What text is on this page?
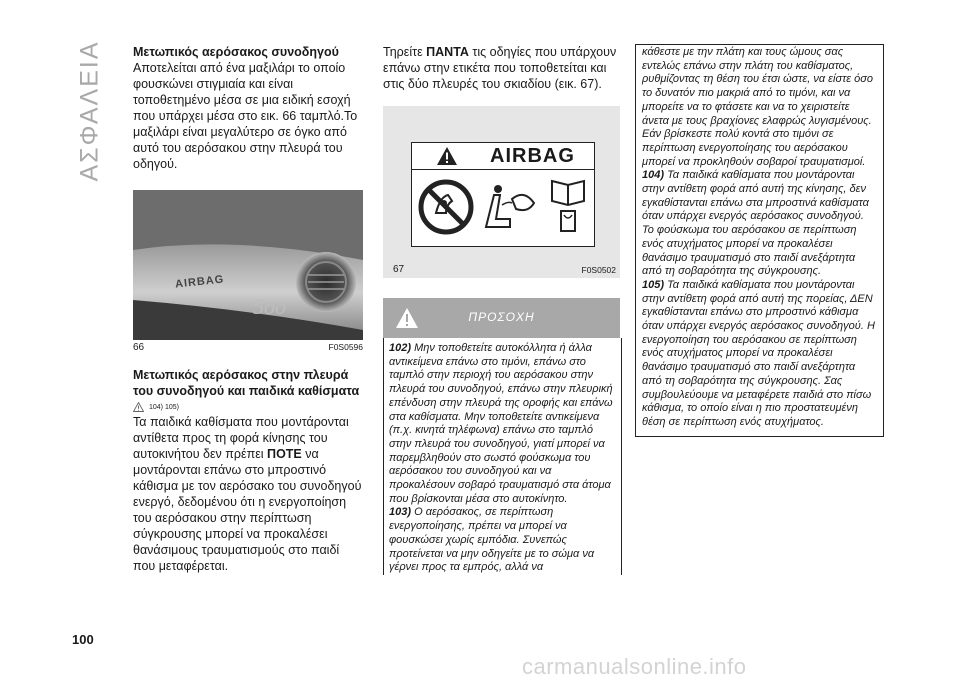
ΑΣΦΑΛΕΙΑ Μετωπικός αερόσακος συνοδηγού

Αποτελείται από ένα μαξιλάρι το οποίο φουσκώνει στιγμιαία και είναι τοποθετημένο μέσα σε μια ειδική εσοχή που υπάρχει μέσα στο εικ. 66 ταμπλό.Το μαξιλάρι είναι μεγαλύτερο σε όγκο από αυτό του αερόσακου στην πλευρά του οδηγού.

5oo
AIRBAG
66	F0S0596

Μετωπικός αερόσακος στην πλευρά του συνοδηγού και παιδικά καθίσματα

104) 105)

Τα παιδικά καθίσματα που μοντάρονται αντίθετα προς τη φορά κίνησης του αυτοκινήτου δεν πρέπει ΠΟΤΕ να μοντάρονται επάνω στο μπροστινό κάθισμα με τον αερόσακο του συνοδηγού ενεργό, δεδομένου ότι η ενεργοποίηση του αερόσακου στην περίπτωση σύγκρουσης μπορεί να προκαλέσει θανάσιμους τραυματισμούς στο παιδί που μεταφέρεται.

Τηρείτε ΠΑΝΤΑ τις οδηγίες που υπάρχουν επάνω στην ετικέτα που τοποθετείται και στις δύο πλευρές του σκιαδίου (εικ. 67).

AIRBAG
67	F0S0502
ΠΡΟΣΟΧΗ

102) Μην τοποθετείτε αυτοκόλλητα ή άλλα αντικείμενα επάνω στο τιμόνι, επάνω στο ταμπλό στην περιοχή του αερόσακου στην πλευρά του συνοδηγού, επάνω στην πλευρική επένδυση στην πλευρά της οροφής και επάνω στα καθίσματα. Μην τοποθετείτε αντικείμενα (π.χ. κινητά τηλέφωνα) επάνω στο ταμπλό στην πλευρά του συνοδηγού, γιατί μπορεί να παρεμβληθούν στο σωστό φούσκωμα του αερόσακου του συνοδηγού και να προκαλέσουν σοβαρό τραυματισμό στα άτομα που βρίσκονται μέσα στο αυτοκίνητο.

103) Ο αερόσακος, σε περίπτωση ενεργοποίησης, πρέπει να μπορεί να φουσκώσει χωρίς εμπόδια. Συνεπώς προτείνεται να μην οδηγείτε με το σώμα να γέρνει προς τα εμπρός, αλλά να

κάθεστε με την πλάτη και τους ώμους σας εντελώς επάνω στην πλάτη του καθίσματος, ρυθμίζοντας τη θέση του έτσι ώστε, να είστε όσο το δυνατόν πιο μακριά από το τιμόνι, και να μπορείτε να το φτάσετε και να το χειριστείτε άνετα με τους βραχίονες ελαφρώς λυγισμένους. Εάν βρίσκεστε πολύ κοντά στο τιμόνι σε περίπτωση ενεργοποίησης του αερόσακου μπορεί να προκληθούν σοβαροί τραυματισμοί.

104) Τα παιδικά καθίσματα που μοντάρονται στην αντίθετη φορά από αυτή της κίνησης, δεν εγκαθίστανται επάνω στα μπροστινά καθίσματα όταν υπάρχει ενεργός αερόσακος συνοδηγού. Το φούσκωμα του αερόσακου σε περίπτωση ενός ατυχήματος μπορεί να προκαλέσει θανάσιμο τραυματισμό στο παιδί ανεξάρτητα από τη σοβαρότητα της σύγκρουσης.

105) Τα παιδικά καθίσματα που μοντάρονται στην αντίθετη φορά από αυτή της πορείας, ΔΕΝ εγκαθίστανται επάνω στο μπροστινό κάθισμα όταν υπάρχει ενεργός αερόσακος συνοδηγού. Η ενεργοποίηση του αερόσακου σε περίπτωση ενός ατυχήματος μπορεί να προκαλέσει θανάσιμο τραυματισμό στο παιδί ανεξάρτητα από τη σοβαρότητα της σύγκρουσης. Σας συμβουλεύουμε να μεταφέρετε παιδιά στο πίσω κάθισμα, το οποίο είναι η πιο προστατευμένη θέση σε περίπτωση ενός ατυχήματος.

100
carmanualsonline.info
